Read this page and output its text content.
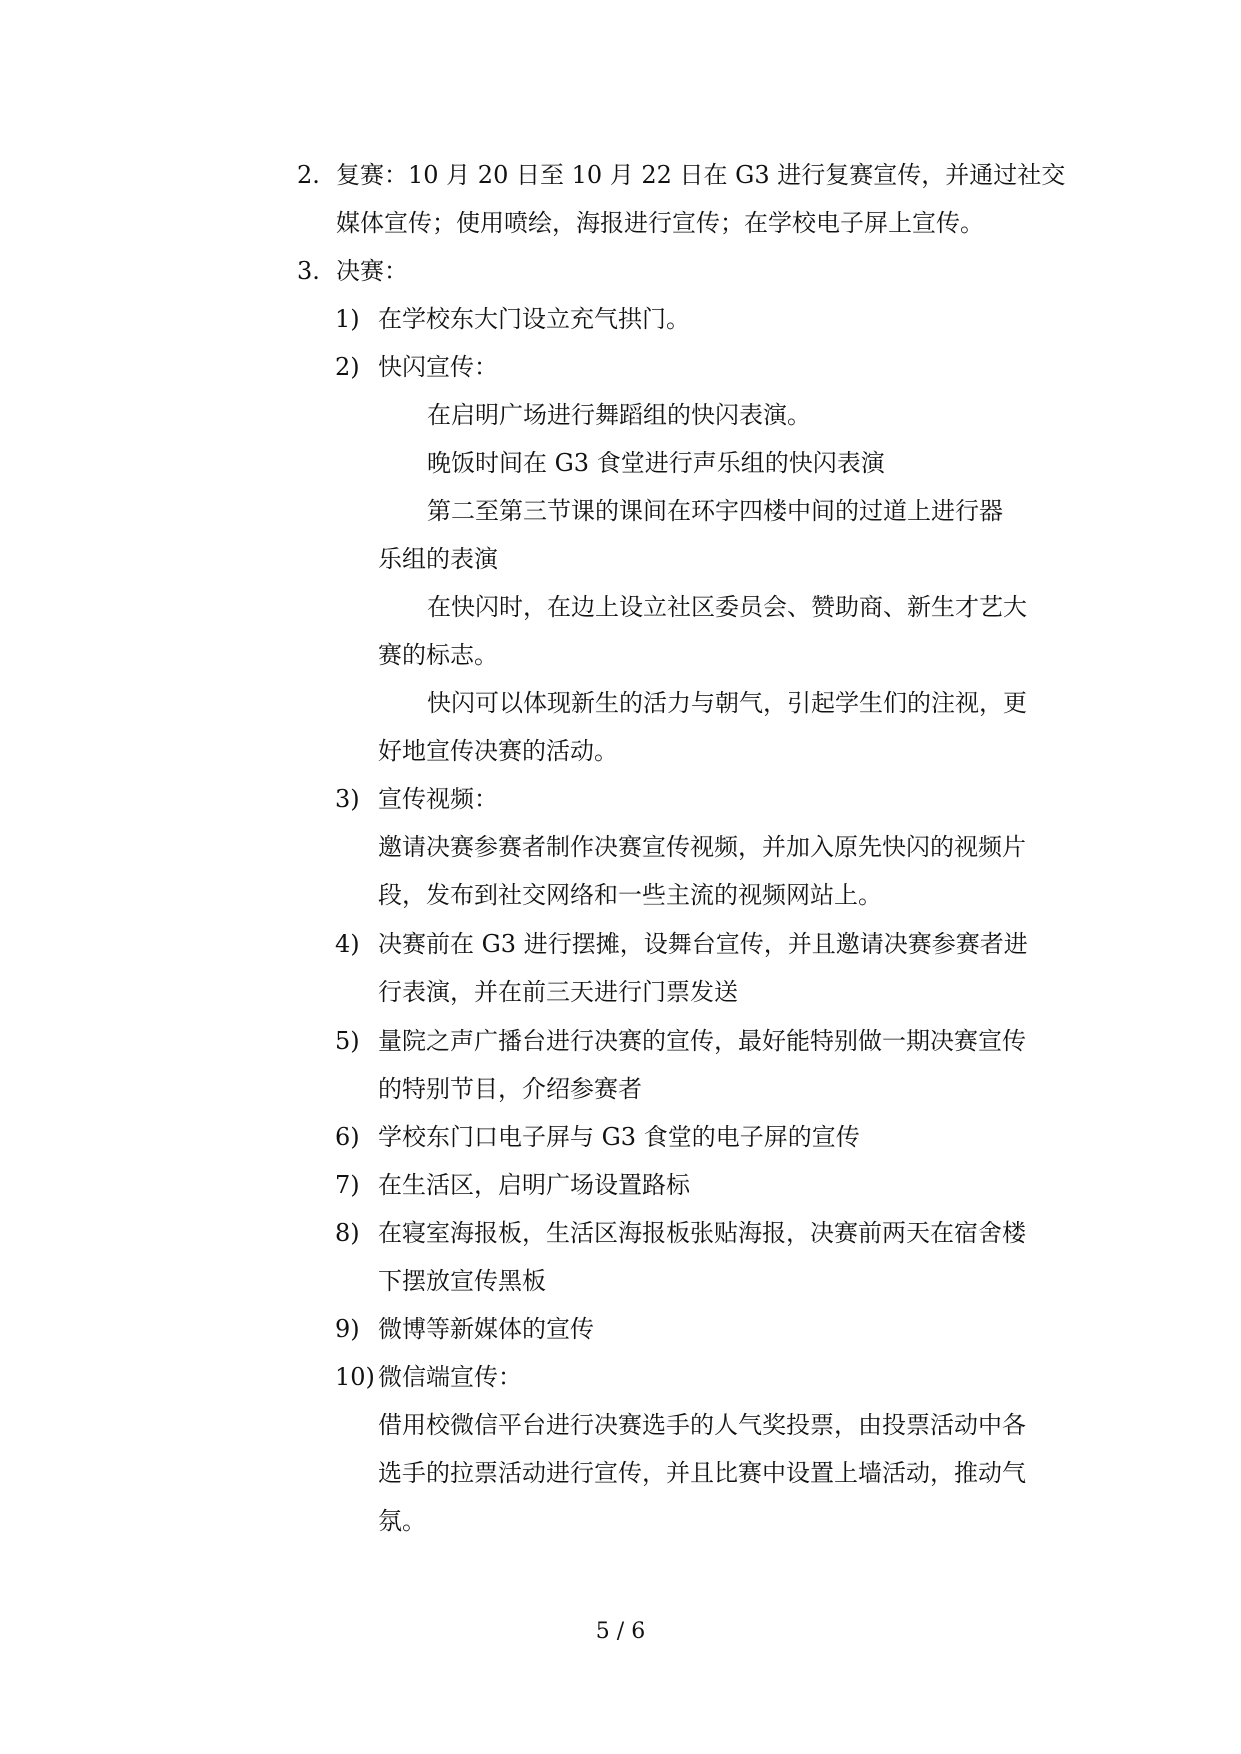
2. 复赛：10 月 20 日至 10 月 22 日在 G3 进行复赛宣传，并通过社交
媒体宣传；使用喷绘，海报进行宣传；在学校电子屏上宣传。
3. 决赛：
1) 在学校东大门设立充气拱门。
2) 快闪宣传：
在启明广场进行舞蹈组的快闪表演。
晚饭时间在 G3 食堂进行声乐组的快闪表演
第二至第三节课的课间在环宇四楼中间的过道上进行器
乐组的表演
在快闪时，在边上设立社区委员会、赞助商、新生才艺大
赛的标志。
快闪可以体现新生的活力与朝气，引起学生们的注视，更
好地宣传决赛的活动。
3) 宣传视频：
邀请决赛参赛者制作决赛宣传视频，并加入原先快闪的视频片
段，发布到社交网络和一些主流的视频网站上。
4) 决赛前在 G3 进行摆摊，设舞台宣传，并且邀请决赛参赛者进
行表演，并在前三天进行门票发送
5) 量院之声广播台进行决赛的宣传，最好能特别做一期决赛宣传
的特别节目，介绍参赛者
6) 学校东门口电子屏与 G3 食堂的电子屏的宣传
7) 在生活区，启明广场设置路标
8) 在寝室海报板，生活区海报板张贴海报，决赛前两天在宿舍楼
下摆放宣传黑板
9) 微博等新媒体的宣传
10) 微信端宣传：
借用校微信平台进行决赛选手的人气奖投票，由投票活动中各
选手的拉票活动进行宣传，并且比赛中设置上墙活动，推动气
氛。
5 / 6
